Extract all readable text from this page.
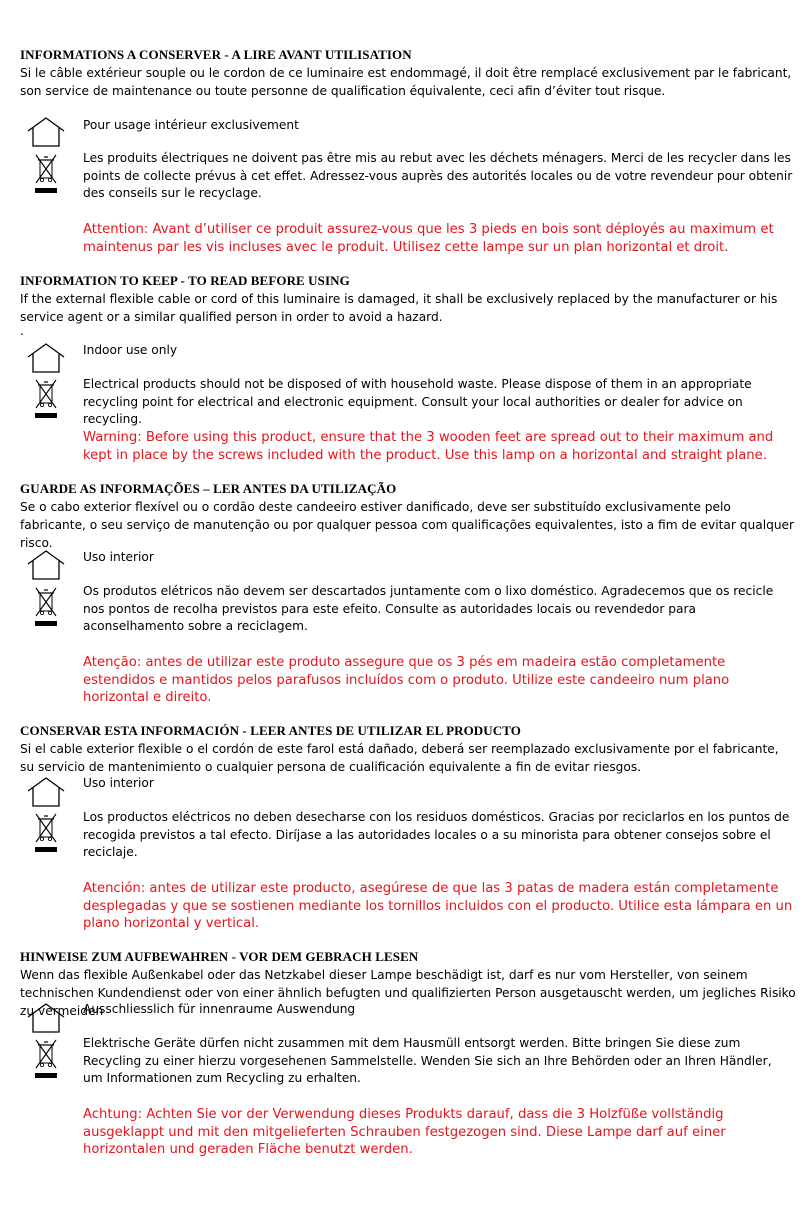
INFORMATIONS A CONSERVER - A LIRE AVANT UTILISATION
Si le câble extérieur souple ou le cordon de ce luminaire est endommagé, il doit être remplacé exclusivement par le fabricant, son service de maintenance ou toute personne de qualification équivalente, ceci afin d’éviter tout risque.
Pour usage intérieur exclusivement
Les produits électriques ne doivent pas être mis au rebut avec les déchets ménagers. Merci de les recycler dans les points de collecte prévus à cet effet. Adressez-vous auprès des autorités locales ou de votre revendeur pour obtenir des conseils sur le recyclage.
Attention: Avant d’utiliser ce produit assurez-vous que les 3 pieds en bois sont déployés au maximum et maintenus par les vis incluses avec le produit. Utilisez cette lampe sur un plan horizontal et droit.
INFORMATION TO KEEP - TO READ BEFORE USING
If the external flexible cable or cord of this luminaire is damaged, it shall be exclusively replaced by the manufacturer or his service agent or a similar qualified person in order to avoid a hazard.
.
Indoor use only
Electrical products should not be disposed of with household waste. Please dispose of them in an appropriate recycling point for electrical and electronic equipment. Consult your local authorities or dealer for advice on recycling.
Warning: Before using this product, ensure that the 3 wooden feet are spread out to their maximum and kept in place by the screws included with the product. Use this lamp on a horizontal and straight plane.
GUARDE AS INFORMAÇÕES – LER ANTES DA UTILIZAÇÃO
Se o cabo exterior flexível ou o cordão deste candeeiro estiver danificado, deve ser substituído exclusivamente pelo fabricante, o seu serviço de manutenção ou por qualquer pessoa com qualificações equivalentes, isto a fim de evitar qualquer risco.
Uso interior
Os produtos elétricos não devem ser descartados juntamente com o lixo doméstico. Agradecemos que os recicle nos pontos de recolha previstos para este efeito. Consulte as autoridades locais ou revendedor para aconselhamento sobre a reciclagem.
Atenção: antes de utilizar este produto assegure que os 3 pés em madeira estão completamente estendidos e mantidos pelos parafusos incluídos com o produto. Utilize este candeeiro num plano horizontal e direito.
CONSERVAR ESTA INFORMACIÓN - LEER ANTES DE UTILIZAR EL PRODUCTO
Si el cable exterior flexible o el cordón de este farol está dañado, deberá ser reemplazado exclusivamente por el fabricante, su servicio de mantenimiento o cualquier persona de cualificación equivalente a fin de evitar riesgos.
Uso interior
Los productos eléctricos no deben desecharse con los residuos domésticos. Gracias por reciclarlos en los puntos de recogida previstos a tal efecto. Diríjase a las autoridades locales o a su minorista para obtener consejos sobre el reciclaje.
Atención: antes de utilizar este producto, asegúrese de que las 3 patas de madera están completamente desplegadas y que se sostienen mediante los tornillos incluidos con el producto. Utilice esta lámpara en un plano horizontal y vertical.
HINWEISE ZUM AUFBEWAHREN - VOR DEM GEBRACH LESEN
Wenn das flexible Außenkabel oder das Netzkabel dieser Lampe beschädigt ist, darf es nur vom Hersteller, von seinem technischen Kundendienst oder von einer ähnlich befugten und qualifizierten Person ausgetauscht werden, um jegliches Risiko zu vermeiden
Ausschliesslich für innenraume Auswendung
Elektrische Geräte dürfen nicht zusammen mit dem Hausmüll entsorgt werden. Bitte bringen Sie diese zum Recycling zu einer hierzu vorgesehenen Sammelstelle. Wenden Sie sich an Ihre Behörden oder an Ihren Händler, um Informationen zum Recycling zu erhalten.
Achtung: Achten Sie vor der Verwendung dieses Produkts darauf, dass die 3 Holzfüße vollständig ausgeklappt und mit den mitgelieferten Schrauben festgezogen sind. Diese Lampe darf auf einer horizontalen und geraden Fläche benutzt werden.
